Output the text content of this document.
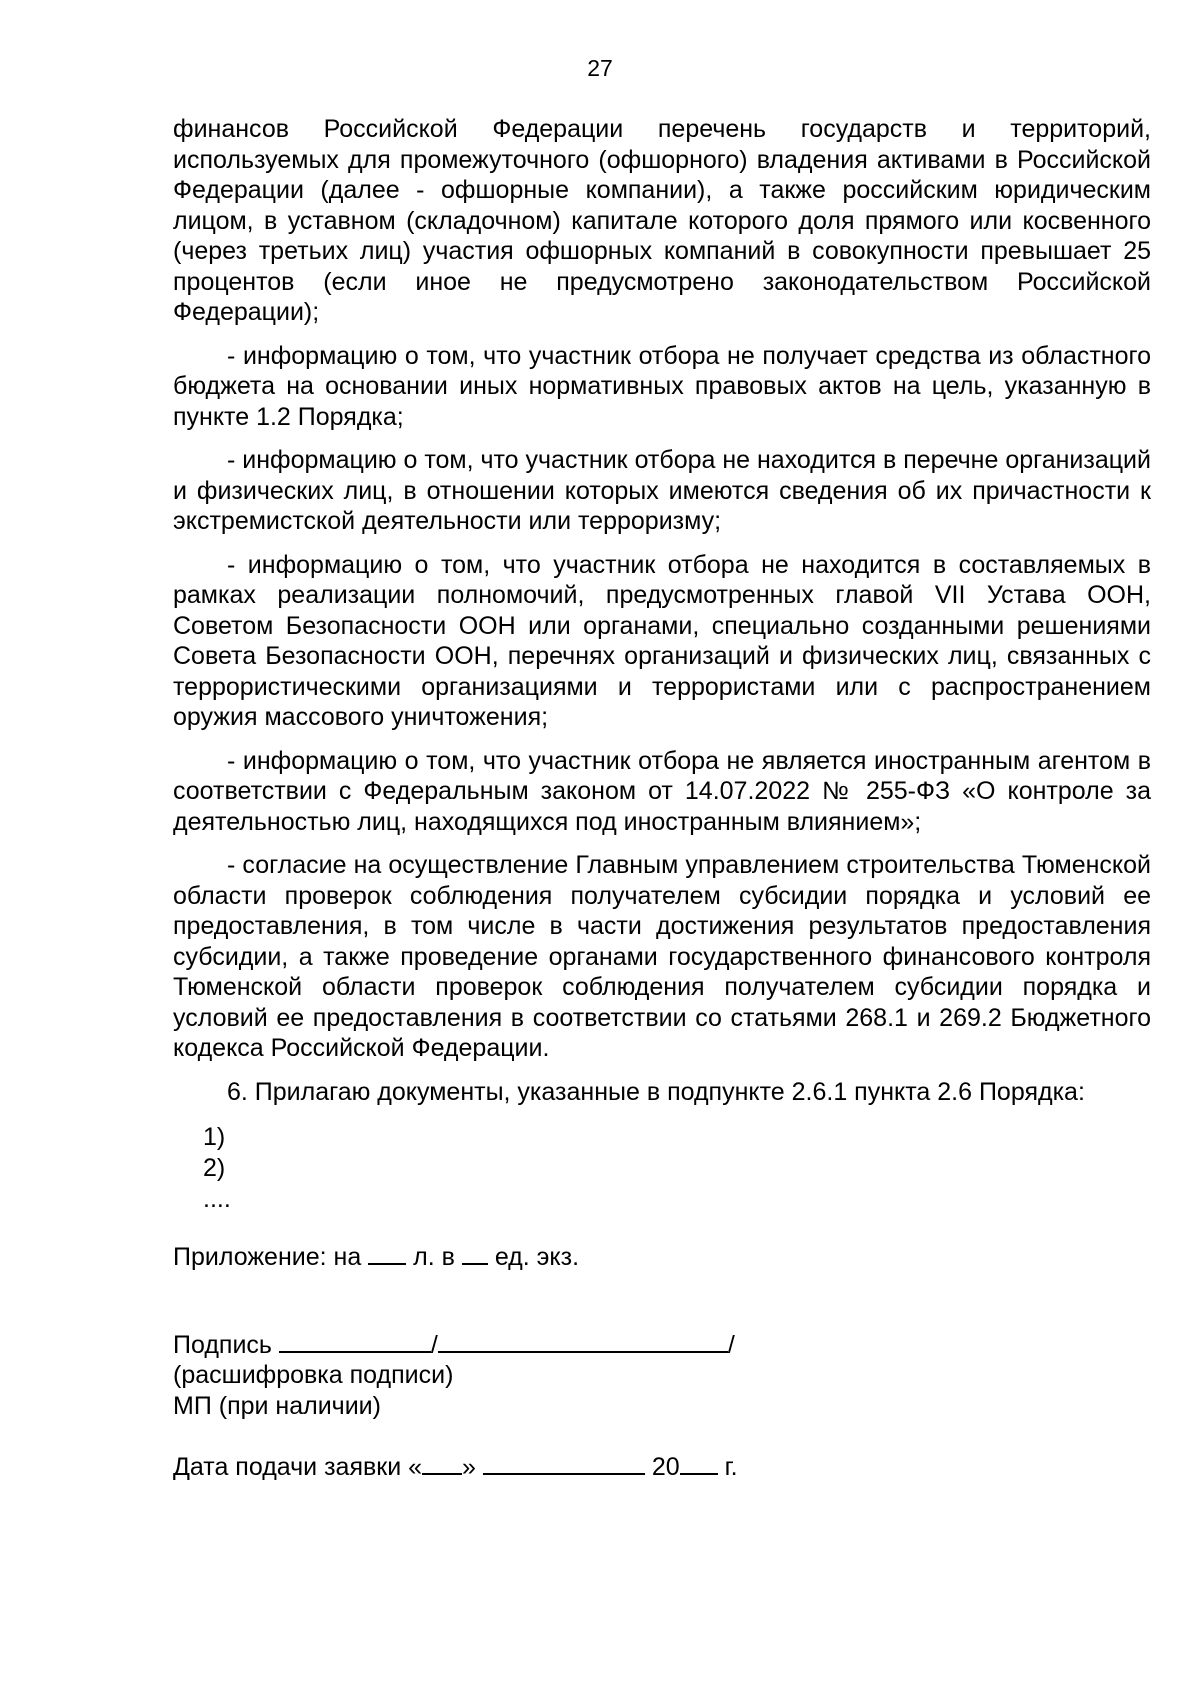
27

финансов Российской Федерации перечень государств и территорий, используемых для промежуточного (офшорного) владения активами в Российской Федерации (далее - офшорные компании), а также российским юридическим лицом, в уставном (складочном) капитале которого доля прямого или косвенного (через третьих лиц) участия офшорных компаний в совокупности превышает 25 процентов (если иное не предусмотрено законодательством Российской Федерации);

- информацию о том, что участник отбора не получает средства из областного бюджета на основании иных нормативных правовых актов на цель, указанную в пункте 1.2 Порядка;

- информацию о том, что участник отбора не находится в перечне организаций и физических лиц, в отношении которых имеются сведения об их причастности к экстремистской деятельности или терроризму;

- информацию о том, что участник отбора не находится в составляемых в рамках реализации полномочий, предусмотренных главой VII Устава ООН, Советом Безопасности ООН или органами, специально созданными решениями Совета Безопасности ООН, перечнях организаций и физических лиц, связанных с террористическими организациями и террористами или с распространением оружия массового уничтожения;

- информацию о том, что участник отбора не является иностранным агентом в соответствии с Федеральным законом от 14.07.2022 № 255-ФЗ «О контроле за деятельностью лиц, находящихся под иностранным влиянием»;

- согласие на осуществление Главным управлением строительства Тюменской области проверок соблюдения получателем субсидии порядка и условий ее предоставления, в том числе в части достижения результатов предоставления субсидии, а также проведение органами государственного финансового контроля Тюменской области проверок соблюдения получателем субсидии порядка и условий ее предоставления в соответствии со статьями 268.1 и 269.2 Бюджетного кодекса Российской Федерации.

6. Прилагаю документы, указанные в подпункте 2.6.1 пункта 2.6 Порядка:

1)
2)
....
Приложение: на л. в ед. экз.
Подпись	/	/
(расшифровка подписи)
МП (при наличии)
Дата подачи заявки « »	20 г.
